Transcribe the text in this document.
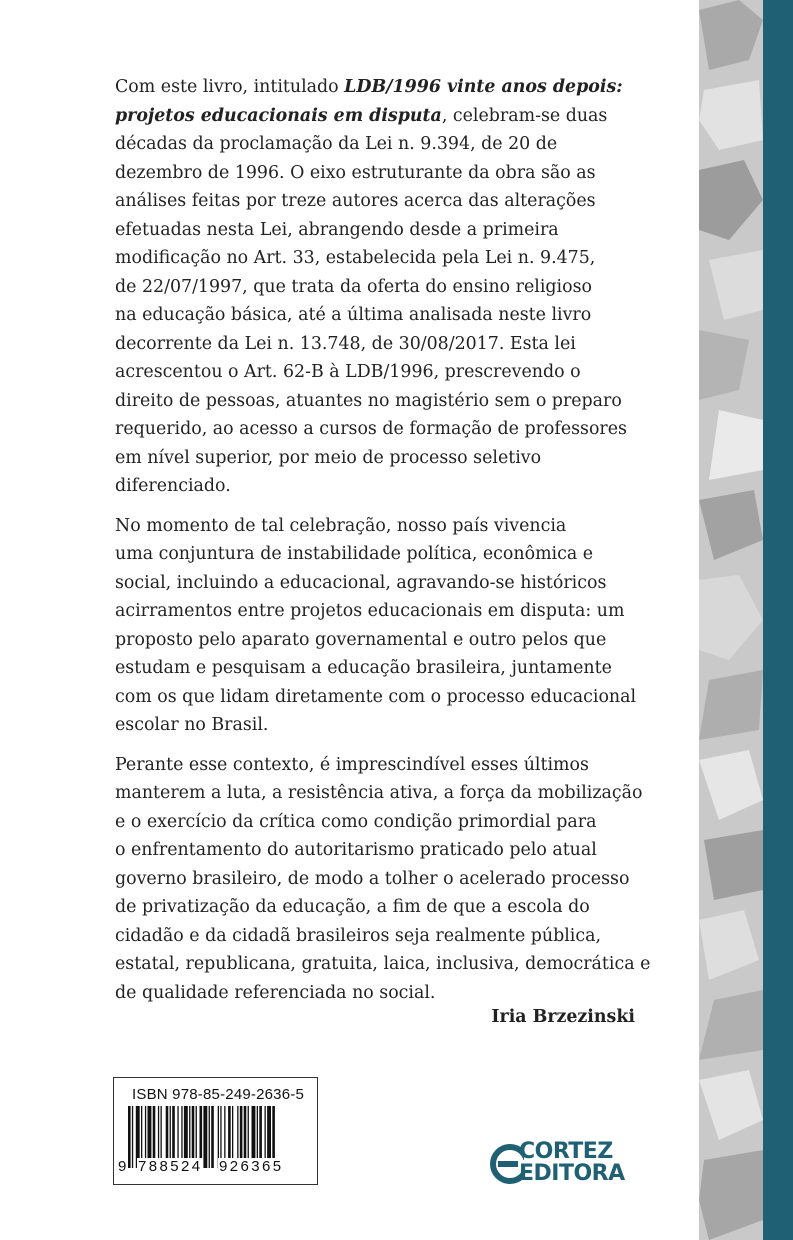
Com este livro, intitulado LDB/1996 vinte anos depois:
projetos educacionais em disputa, celebram-se duas
décadas da proclamação da Lei n. 9.394, de 20 de
dezembro de 1996. O eixo estruturante da obra são as
análises feitas por treze autores acerca das alterações
efetuadas nesta Lei, abrangendo desde a primeira
modificação no Art. 33, estabelecida pela Lei n. 9.475,
de 22/07/1997, que trata da oferta do ensino religioso
na educação básica, até a última analisada neste livro
decorrente da Lei n. 13.748, de 30/08/2017. Esta lei
acrescentou o Art. 62-B à LDB/1996, prescrevendo o
direito de pessoas, atuantes no magistério sem o preparo
requerido, ao acesso a cursos de formação de professores
em nível superior, por meio de processo seletivo
diferenciado.
No momento de tal celebração, nosso país vivencia
uma conjuntura de instabilidade política, econômica e
social, incluindo a educacional, agravando-se históricos
acirramentos entre projetos educacionais em disputa: um
proposto pelo aparato governamental e outro pelos que
estudam e pesquisam a educação brasileira, juntamente
com os que lidam diretamente com o processo educacional
escolar no Brasil.
Perante esse contexto, é imprescindível esses últimos
manterem a luta, a resistência ativa, a força da mobilização
e o exercício da crítica como condição primordial para
o enfrentamento do autoritarismo praticado pelo atual
governo brasileiro, de modo a tolher o acelerado processo
de privatização da educação, a fim de que a escola do
cidadão e da cidadã brasileiros seja realmente pública,
estatal, republicana, gratuita, laica, inclusiva, democrática e
de qualidade referenciada no social.
Iria Brzezinski
ISBN 978-85-249-2636-5
9 788524 926365
CORTEZ
EDITORA
